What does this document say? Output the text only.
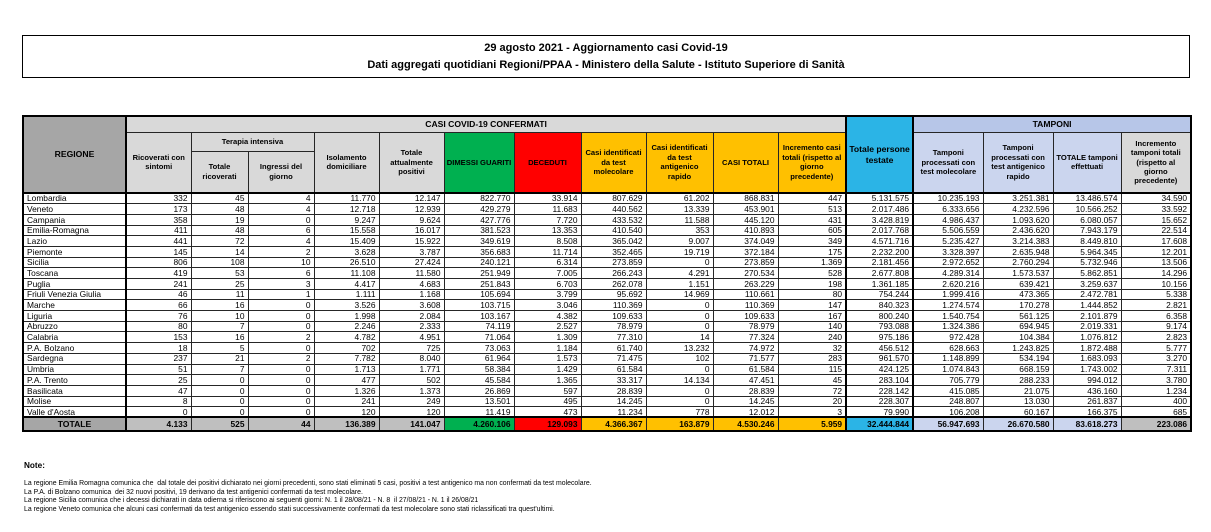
29 agosto 2021 - Aggiornamento casi Covid-19
Dati aggregati quotidiani Regioni/PPAA - Ministero della Salute - Istituto Superiore di Sanità
REGIONE	CASI COVID-19 CONFERMATI											Totale persone testate	TAMPONI			
	Ricoverati con sintomi	Terapia intensiva		Isolamento domiciliare	Totale attualmente positivi	DIMESSI GUARITI	DECEDUTI	Casi identificati da test molecolare	Casi identificati da test antigenico rapido	CASI TOTALI	Incremento casi totali (rispetto al giorno precedente)		Tamponi processati con test molecolare	Tamponi processati con test antigenico rapido	TOTALE tamponi effettuati	Incremento tamponi totali (rispetto al giorno precedente)
		Totale ricoverati	Ingressi del giorno													
Lombardia	332	45	4	11.770	12.147	822.770	33.914	807.629	61.202	868.831	447	5.131.575	10.235.193	3.251.381	13.486.574	34.590
Veneto	173	48	4	12.718	12.939	429.279	11.683	440.562	13.339	453.901	513	2.017.486	6.333.656	4.232.596	10.566.252	33.592
Campania	358	19	0	9.247	9.624	427.776	7.720	433.532	11.588	445.120	431	3.428.819	4.986.437	1.093.620	6.080.057	15.652
Emilia-Romagna	411	48	6	15.558	16.017	381.523	13.353	410.540	353	410.893	605	2.017.768	5.506.559	2.436.620	7.943.179	22.514
Lazio	441	72	4	15.409	15.922	349.619	8.508	365.042	9.007	374.049	349	4.571.716	5.235.427	3.214.383	8.449.810	17.608
Piemonte	145	14	2	3.628	3.787	356.683	11.714	352.465	19.719	372.184	175	2.232.200	3.328.397	2.635.948	5.964.345	12.201
Sicilia	806	108	10	26.510	27.424	240.121	6.314	273.859	0	273.859	1.369	2.181.456	2.972.652	2.760.294	5.732.946	13.506
Toscana	419	53	6	11.108	11.580	251.949	7.005	266.243	4.291	270.534	528	2.677.808	4.289.314	1.573.537	5.862.851	14.296
Puglia	241	25	3	4.417	4.683	251.843	6.703	262.078	1.151	263.229	198	1.361.185	2.620.216	639.421	3.259.637	10.156
Friuli Venezia Giulia	46	11	1	1.111	1.168	105.694	3.799	95.692	14.969	110.661	80	754.244	1.999.416	473.365	2.472.781	5.338
Marche	66	16	0	3.526	3.608	103.715	3.046	110.369	0	110.369	147	840.323	1.274.574	170.278	1.444.852	2.821
Liguria	76	10	0	1.998	2.084	103.167	4.382	109.633	0	109.633	167	800.240	1.540.754	561.125	2.101.879	6.358
Abruzzo	80	7	0	2.246	2.333	74.119	2.527	78.979	0	78.979	140	793.088	1.324.386	694.945	2.019.331	9.174
Calabria	153	16	2	4.782	4.951	71.064	1.309	77.310	14	77.324	240	975.186	972.428	104.384	1.076.812	2.823
P.A. Bolzano	18	5	0	702	725	73.063	1.184	61.740	13.232	74.972	32	456.512	628.663	1.243.825	1.872.488	5.777
Sardegna	237	21	2	7.782	8.040	61.964	1.573	71.475	102	71.577	283	961.570	1.148.899	534.194	1.683.093	3.270
Umbria	51	7	0	1.713	1.771	58.384	1.429	61.584	0	61.584	115	424.125	1.074.843	668.159	1.743.002	7.311
P.A. Trento	25	0	0	477	502	45.584	1.365	33.317	14.134	47.451	45	283.104	705.779	288.233	994.012	3.780
Basilicata	47	0	0	1.326	1.373	26.869	597	28.839	0	28.839	72	228.142	415.085	21.075	436.160	1.234
Molise	8	0	0	241	249	13.501	495	14.245	0	14.245	20	228.307	248.807	13.030	261.837	400
Valle d'Aosta	0	0	0	120	120	11.419	473	11.234	778	12.012	3	79.990	106.208	60.167	166.375	685
TOTALE	4.133	525	44	136.389	141.047	4.260.106	129.093	4.366.367	163.879	4.530.246	5.959	32.444.844	56.947.693	26.670.580	83.618.273	223.086
Note:
La regione Emilia Romagna comunica che  dal totale dei positivi dichiarato nei giorni precedenti, sono stati eliminati 5 casi, positivi a test antigenico ma non confermati da test molecolare.
La P.A. di Bolzano comunica  dei 32 nuovi positivi, 19 derivano da test antigenici confermati da test molecolare.
La regione Sicilia comunica che i decessi dichiarati in data odierna si riferiscono ai seguenti giorni: N. 1 il 28/08/21 - N. 8  il 27/08/21 - N. 1 il 26/08/21
La regione Veneto comunica che alcuni casi confermati da test antigenico essendo stati successivamente confermati da test molecolare sono stati riclassificati tra quest'ultimi.
